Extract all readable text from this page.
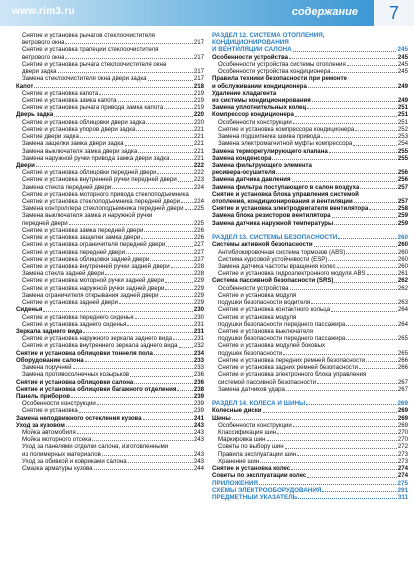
www.rim3.ru	содержание	7
Снятие и установка рычагов стеклоочистителя
ветрового окна	217
Снятие и установка трапеции стеклоочистителя
ветрового окна	217
Снятие и установка рычага стеклоочистителя окна
двери задка	217
Замена стеклоочистителя окна двери задка	217
Капот	218
Снятие и установка капота	219
Снятие и установка замка капота	219
Снятие и установка рычага привода замка капота	219
Дверь задка	220
Снятие и установка облицовки двери задка	220
Снятие и установка упоров двери задка	221
Снятие двери задка	221
Замена защелки замка двери задка	221
Замена выключателя замка двери задка	221
Замена наружной ручки привода замка двери задка	221
Двери	222
Снятие и установка облицовки передней двери	222
Снятие и установка внутренней ручки передней двери	223
Замена стекла передней двери	224
Снятие и установка моторного привода стеклоподъемника
Снятие и установка стеклоподъемника передней двери 224
Замена контроллера стеклоподъемника передней двери 225
Замена выключателя замка и наружной ручки
передней двери	225
Снятие и установка замка передней двери	226
Снятие и установка защелки замка двери	226
Снятие и установка ограничителя передней двери	227
Снятие и установка передней двери	227
Снятие и установка облицовки задней двери	227
Снятие и установка внутренней ручки задней двери	228
Замена стекла задней двери	228
Снятие и установка моторной ручки задней двери	229
Снятие и установка наружной ручки задней двери	229
Замена ограничителя открывания задней двери	229
Снятие и установка задней двери	229
Сиденья	230
Снятие и установка переднего сиденья	230
Снятие и установка заднего сиденья	231
Зеркала заднего вида	231
Снятие и установка наружного зеркала заднего вида	231
Снятие и установка внутреннего зеркала заднего вида	232
Снятие и установка облицовки тоннеля пола	234
Оборудование салона	233
Замена поручней	233
Замена противосолнечных козырьков	236
Снятие и установка облицовки салона	236
Снятие и установка облицовки багажного отделения	238
Панель приборов	239
Особенности конструкции	239
Снятие и установка	239
Замена неподвижного остекления кузова	241
Уход за кузовом	243
Мойка автомобиля	243
Мойка моторного отсека	243
Уход за панелями отделки салона, изготовленными
из полимерных материалов	243
Уход за обивкой и ковриками салона	243
Смазка арматуры кузова	244
РАЗДЕЛ 12. СИСТЕМА ОТОПЛЕНИЯ,
КОНДИЦИОНИРОВАНИЯ
И ВЕНТИЛЯЦИИ САЛОНА	245
Особенности устройства	245
Особенности устройства системы отопления	245
Особенности устройства кондиционера	245
Правила техники безопасности при ремонте
и обслуживании кондиционера	249
Удаление хладагента
из системы кондиционирования	249
Замена уплотнительных колец	251
Компрессор кондиционера	251
Особенности конструкции	251
Снятие и установка компрессора кондиционера	252
Замена подшипника шкива привода	253
Замена электромагнитной муфты компрессора	254
Замена терморегулирующего клапана	255
Замена конденсора	255
Замена фильтрующего элемента
ресивера-осушителя	256
Замена датчика давления	256
Замена фильтра поступающего в салон воздуха	257
Снятие и установка блока управления системой
отопления, кондиционирования и вентиляции	257
Снятие и установка электродвигателя вентилятора	258
Замена блока резисторов вентилятора	259
Замена датчика наружной температуры	259
РАЗДЕЛ 13. СИСТЕМЫ БЕЗОПАСНОСТИ	260
Системы активной безопасности	260
Антиблокировочная система тормозов (ABS)	260
Система курсовой устойчивости (ESP)	260
Замена датчика частоты вращения колес	260
Снятие и установка гидроэлектронного модуля ABS	261
Система пассивной безопасности (SRS)	262
Особенности устройства	262
Снятие и установка модуля
подушки безопасности водителя	263
Снятие и установка контактного кольца	264
Снятие и установка модуля
подушки безопасности переднего пассажира	264
Снятие и установка выключателя
подушки безопасности переднего пассажира	265
Снятие и установка модулей боковых
подушек безопасности	265
Снятие и установка передних ремней безопасности	266
Снятие и установка задних ремней безопасности	266
Снятие и установка электронного блока управления
системой пассивной безопасности	267
Замена датчиков удара	267
РАЗДЕЛ 14. КОЛЕСА И ШИНЫ	269
Колесные диски	269
Шины	269
Особенности конструкции	269
Классификация шин	270
Маркировка шин	270
Советы по выбору шин	272
Правила эксплуатации шин	273
Хранение шин	273
Снятие и установка колес	274
Советы по эксплуатации колес	274
ПРИЛОЖЕНИЯ	275
СХЕМЫ ЭЛЕКТРООБОРУДОВАНИЯ	291
ПРЕДМЕТНЫЙ УКАЗАТЕЛЬ	311
